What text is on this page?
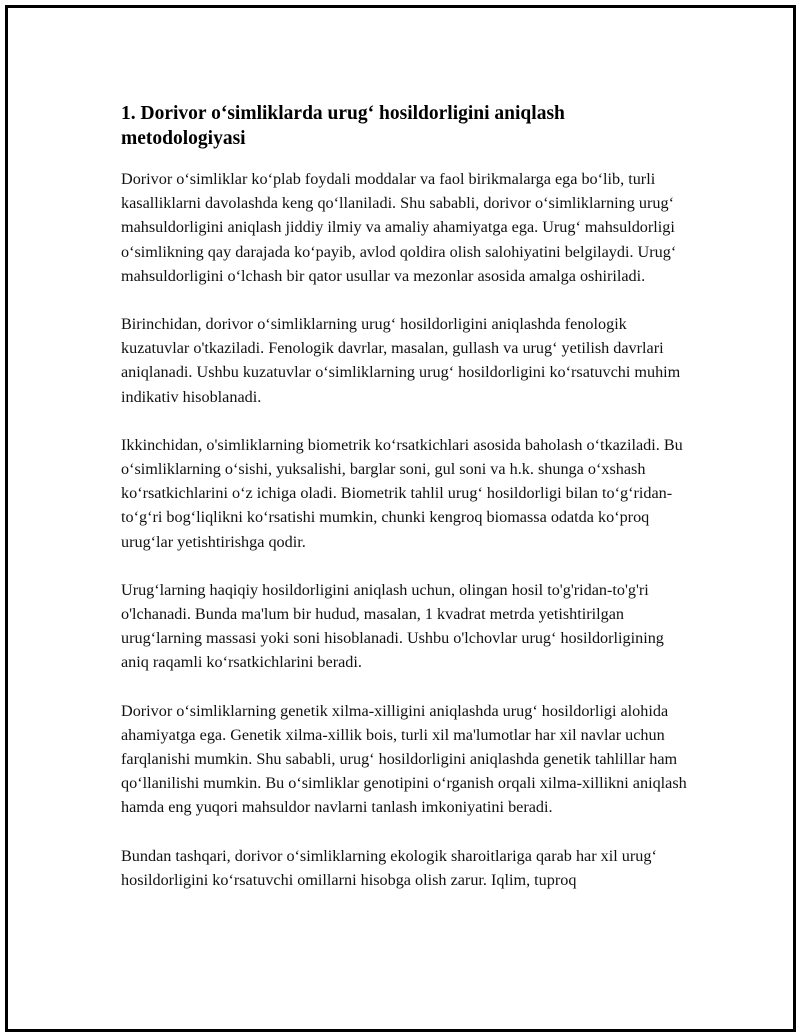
1. Dorivor o‘simliklarda urug‘ hosildorligini aniqlash metodologiyasi

Dorivor o‘simliklar ko‘plab foydali moddalar va faol birikmalarga ega bo‘lib, turli kasalliklarni davolashda keng qo‘llaniladi. Shu sababli, dorivor o‘simliklarning urug‘ mahsuldorligini aniqlash jiddiy ilmiy va amaliy ahamiyatga ega. Urug‘ mahsuldorligi o‘simlikning qay darajada ko‘payib, avlod qoldira olish salohiyatini belgilaydi. Urug‘ mahsuldorligini o‘lchash bir qator usullar va mezonlar asosida amalga oshiriladi.

Birinchidan, dorivor o‘simliklarning urug‘ hosildorligini aniqlashda fenologik kuzatuvlar o'tkaziladi. Fenologik davrlar, masalan, gullash va urug‘ yetilish davrlari aniqlanadi. Ushbu kuzatuvlar o‘simliklarning urug‘ hosildorligini ko‘rsatuvchi muhim indikativ hisoblanadi.

Ikkinchidan, o'simliklarning biometrik ko‘rsatkichlari asosida baholash o‘tkaziladi. Bu o‘simliklarning o‘sishi, yuksalishi, barglar soni, gul soni va h.k. shunga o‘xshash ko‘rsatkichlarini o‘z ichiga oladi. Biometrik tahlil urug‘ hosildorligi bilan to‘g‘ridan-to‘g‘ri bog‘liqlikni ko‘rsatishi mumkin, chunki kengroq biomassa odatda ko‘proq urug‘lar yetishtirishga qodir.

Urug‘larning haqiqiy hosildorligini aniqlash uchun, olingan hosil to'g'ridan-to'g'ri o'lchanadi. Bunda ma'lum bir hudud, masalan, 1 kvadrat metrda yetishtirilgan urug‘larning massasi yoki soni hisoblanadi. Ushbu o'lchovlar urug‘ hosildorligining aniq raqamli ko‘rsatkichlarini beradi.

Dorivor o‘simliklarning genetik xilma-xilligini aniqlashda urug‘ hosildorligi alohida ahamiyatga ega. Genetik xilma-xillik bois, turli xil ma'lumotlar har xil navlar uchun farqlanishi mumkin. Shu sababli, urug‘ hosildorligini aniqlashda genetik tahlillar ham qo‘llanilishi mumkin. Bu o‘simliklar genotipini o‘rganish orqali xilma-xillikni aniqlash hamda eng yuqori mahsuldor navlarni tanlash imkoniyatini beradi.

Bundan tashqari, dorivor o‘simliklarning ekologik sharoitlariga qarab har xil urug‘ hosildorligini ko‘rsatuvchi omillarni hisobga olish zarur. Iqlim, tuproq
